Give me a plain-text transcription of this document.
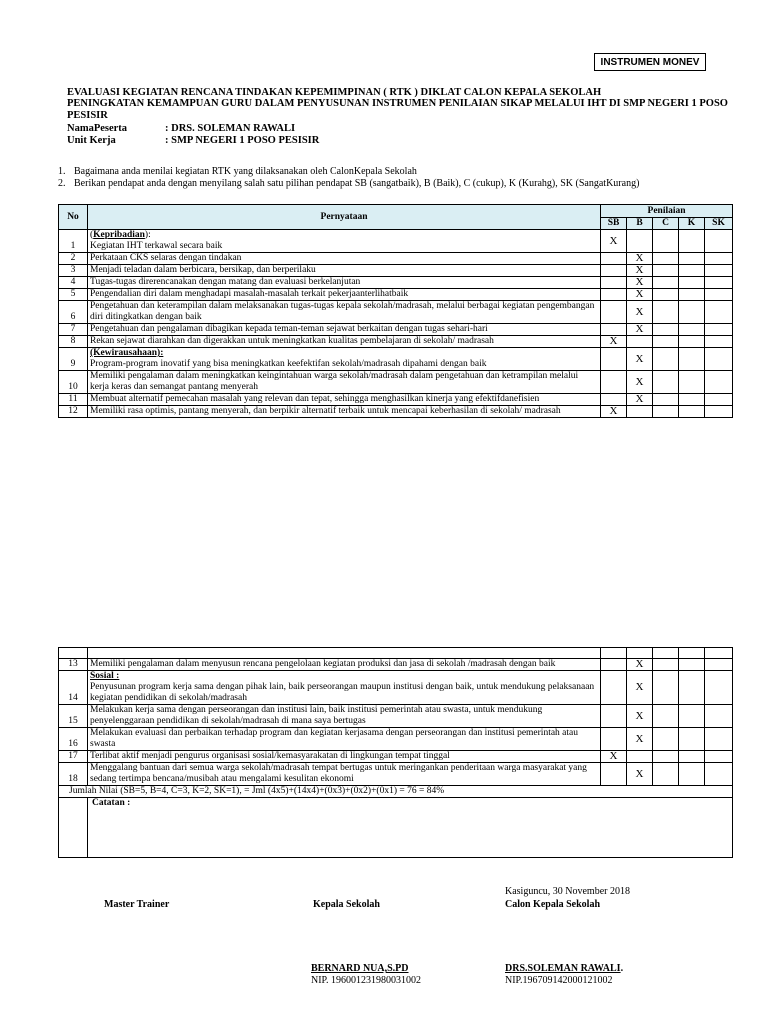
INSTRUMEN MONEV
EVALUASI KEGIATAN RENCANA TINDAKAN KEPEMIMPINAN ( RTK ) DIKLAT CALON KEPALA SEKOLAH
PENINGKATAN KEMAMPUAN GURU DALAM PENYUSUNAN INSTRUMEN PENILAIAN SIKAP MELALUI IHT DI SMP NEGERI 1 POSO
PESISIR
NamaPeserta	: DRS. SOLEMAN RAWALI
Unit Kerja	: SMP NEGERI 1 POSO PESISIR
1. Bagaimana anda menilai kegiatan RTK yang dilaksanakan oleh CalonKepala Sekolah
2. Berikan pendapat anda dengan menyilang salah satu pilihan pendapat SB (sangatbaik), B (Baik), C (cukup), K (Kurahg), SK (SangatKurang)
No	Pernyataan	Penilaian				
		SB	B	C	K	SK
1	(Kepribadian):
Kegiatan IHT terkawal secara baik	X				
2	Perkataan CKS selaras dengan tindakan		X			
3	Menjadi teladan dalam berbicara, bersikap, dan berperilaku		X			
4	Tugas-tugas direrencanakan dengan matang dan evaluasi berkelanjutan		X			
5	Pengendalian diri dalam menghadapi masalah-masalah terkait pekerjaanterlihatbaik		X			
6	Pengetahuan dan keterampilan dalam melaksanakan tugas-tugas kepala sekolah/madrasah, melalui berbagai kegiatan pengembangan diri ditingkatkan dengan baik		X			
7	Pengetahuan dan pengalaman dibagikan kepada teman-teman sejawat berkaitan dengan tugas sehari-hari		X			
8	Rekan sejawat diarahkan dan digerakkan untuk meningkatkan kualitas pembelajaran di sekolah/ madrasah	X				
9	(Kewirausahaan):
Program-program inovatif yang bisa meningkatkan keefektifan sekolah/madrasah dipahami dengan baik		X			
10	Memiliki pengalaman dalam meningkatkan keingintahuan warga sekolah/madrasah dalam pengetahuan dan ketrampilan melalui kerja keras dan semangat pantang menyerah		X			
11	Membuat alternatif pemecahan masalah yang relevan dan tepat, sehingga menghasilkan kinerja yang efektifdanefisien		X			
12	Memiliki rasa optimis, pantang menyerah, dan berpikir alternatif terbaik untuk mencapai keberhasilan di sekolah/ madrasah	X				

13	Memiliki pengalaman dalam menyusun rencana pengelolaan kegiatan produksi dan jasa di sekolah /madrasah dengan baik		X			
14	Sosial :
Penyusunan program kerja sama dengan pihak lain, baik perseorangan maupun institusi dengan baik, untuk mendukung pelaksanaan kegiatan pendidikan di sekolah/madrasah		X			
15	Melakukan kerja sama dengan perseorangan dan institusi lain, baik institusi pemerintah atau swasta, untuk mendukung penyelenggaraan pendidikan di sekolah/madrasah di mana saya bertugas		X			
16	Melakukan evaluasi dan perbaikan terhadap program dan kegiatan kerjasama dengan perseorangan dan institusi pemerintah atau swasta		X			
17	Terlibat aktif menjadi pengurus organisasi sosial/kemasyarakatan di lingkungan tempat tinggal	X				
18	Menggalang bantuan dari semua warga sekolah/madrasah tempat bertugas untuk meringankan penderitaan warga masyarakat yang sedang tertimpa bencana/musibah atau mengalami kesulitan ekonomi		X			
Jumlah Nilai (SB=5, B=4, C=3, K=2, SK=1), = Jml (4x5)+(14x4)+(0x3)+(0x2)+(0x1) = 76 = 84%						
	Catatan :					
Kasiguncu, 30 November 2018
Master Trainer	Kepala Sekolah	Calon Kepala Sekolah
BERNARD NUA,S.PD
NIP. 196001231980031002
DRS.SOLEMAN RAWALI.
NIP.196709142000121002
